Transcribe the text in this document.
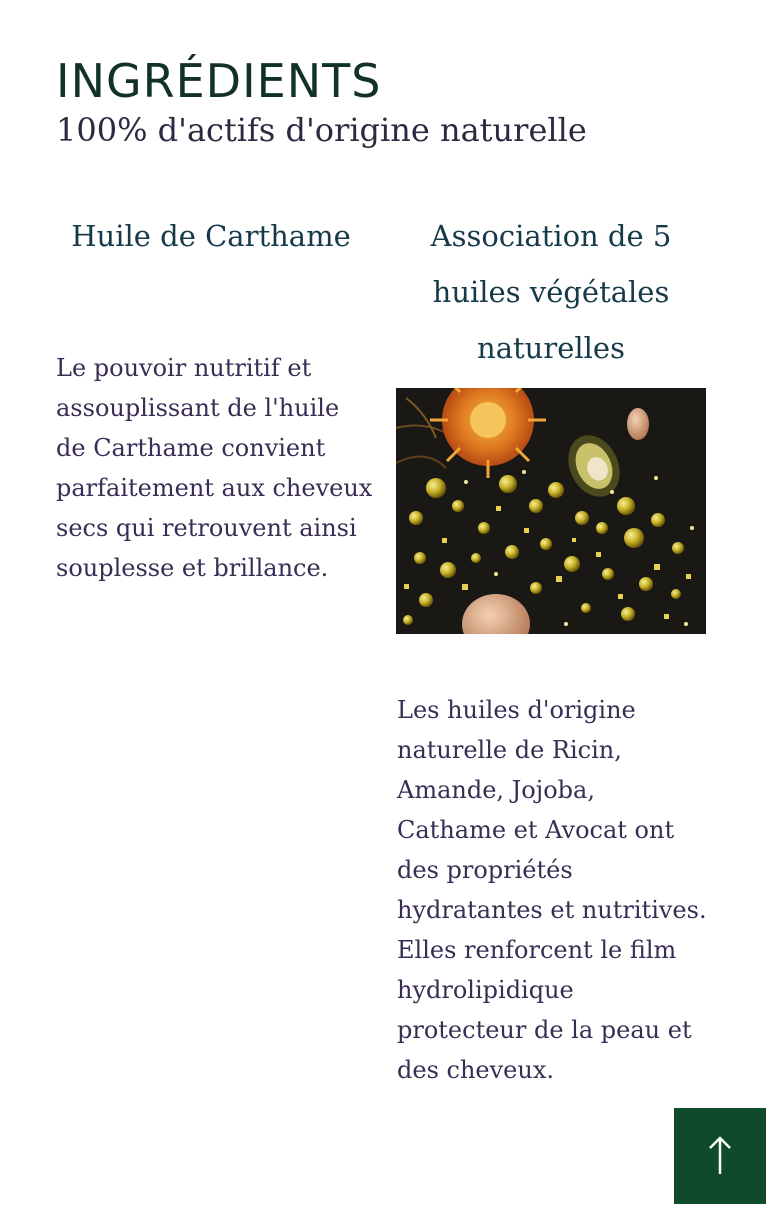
INGRÉDIENTS
100% d'actifs d'origine naturelle
Huile de Carthame
Le pouvoir nutritif et assouplissant de l'huile de Carthame convient parfaitement aux cheveux secs qui retrouvent ainsi souplesse et brillance.
Association de 5 huiles végétales naturelles
Les huiles d'origine naturelle de Ricin, Amande, Jojoba, Cathame et Avocat ont des propriétés hydratantes et nutritives. Elles renforcent le film hydrolipidique protecteur de la peau et des cheveux.
